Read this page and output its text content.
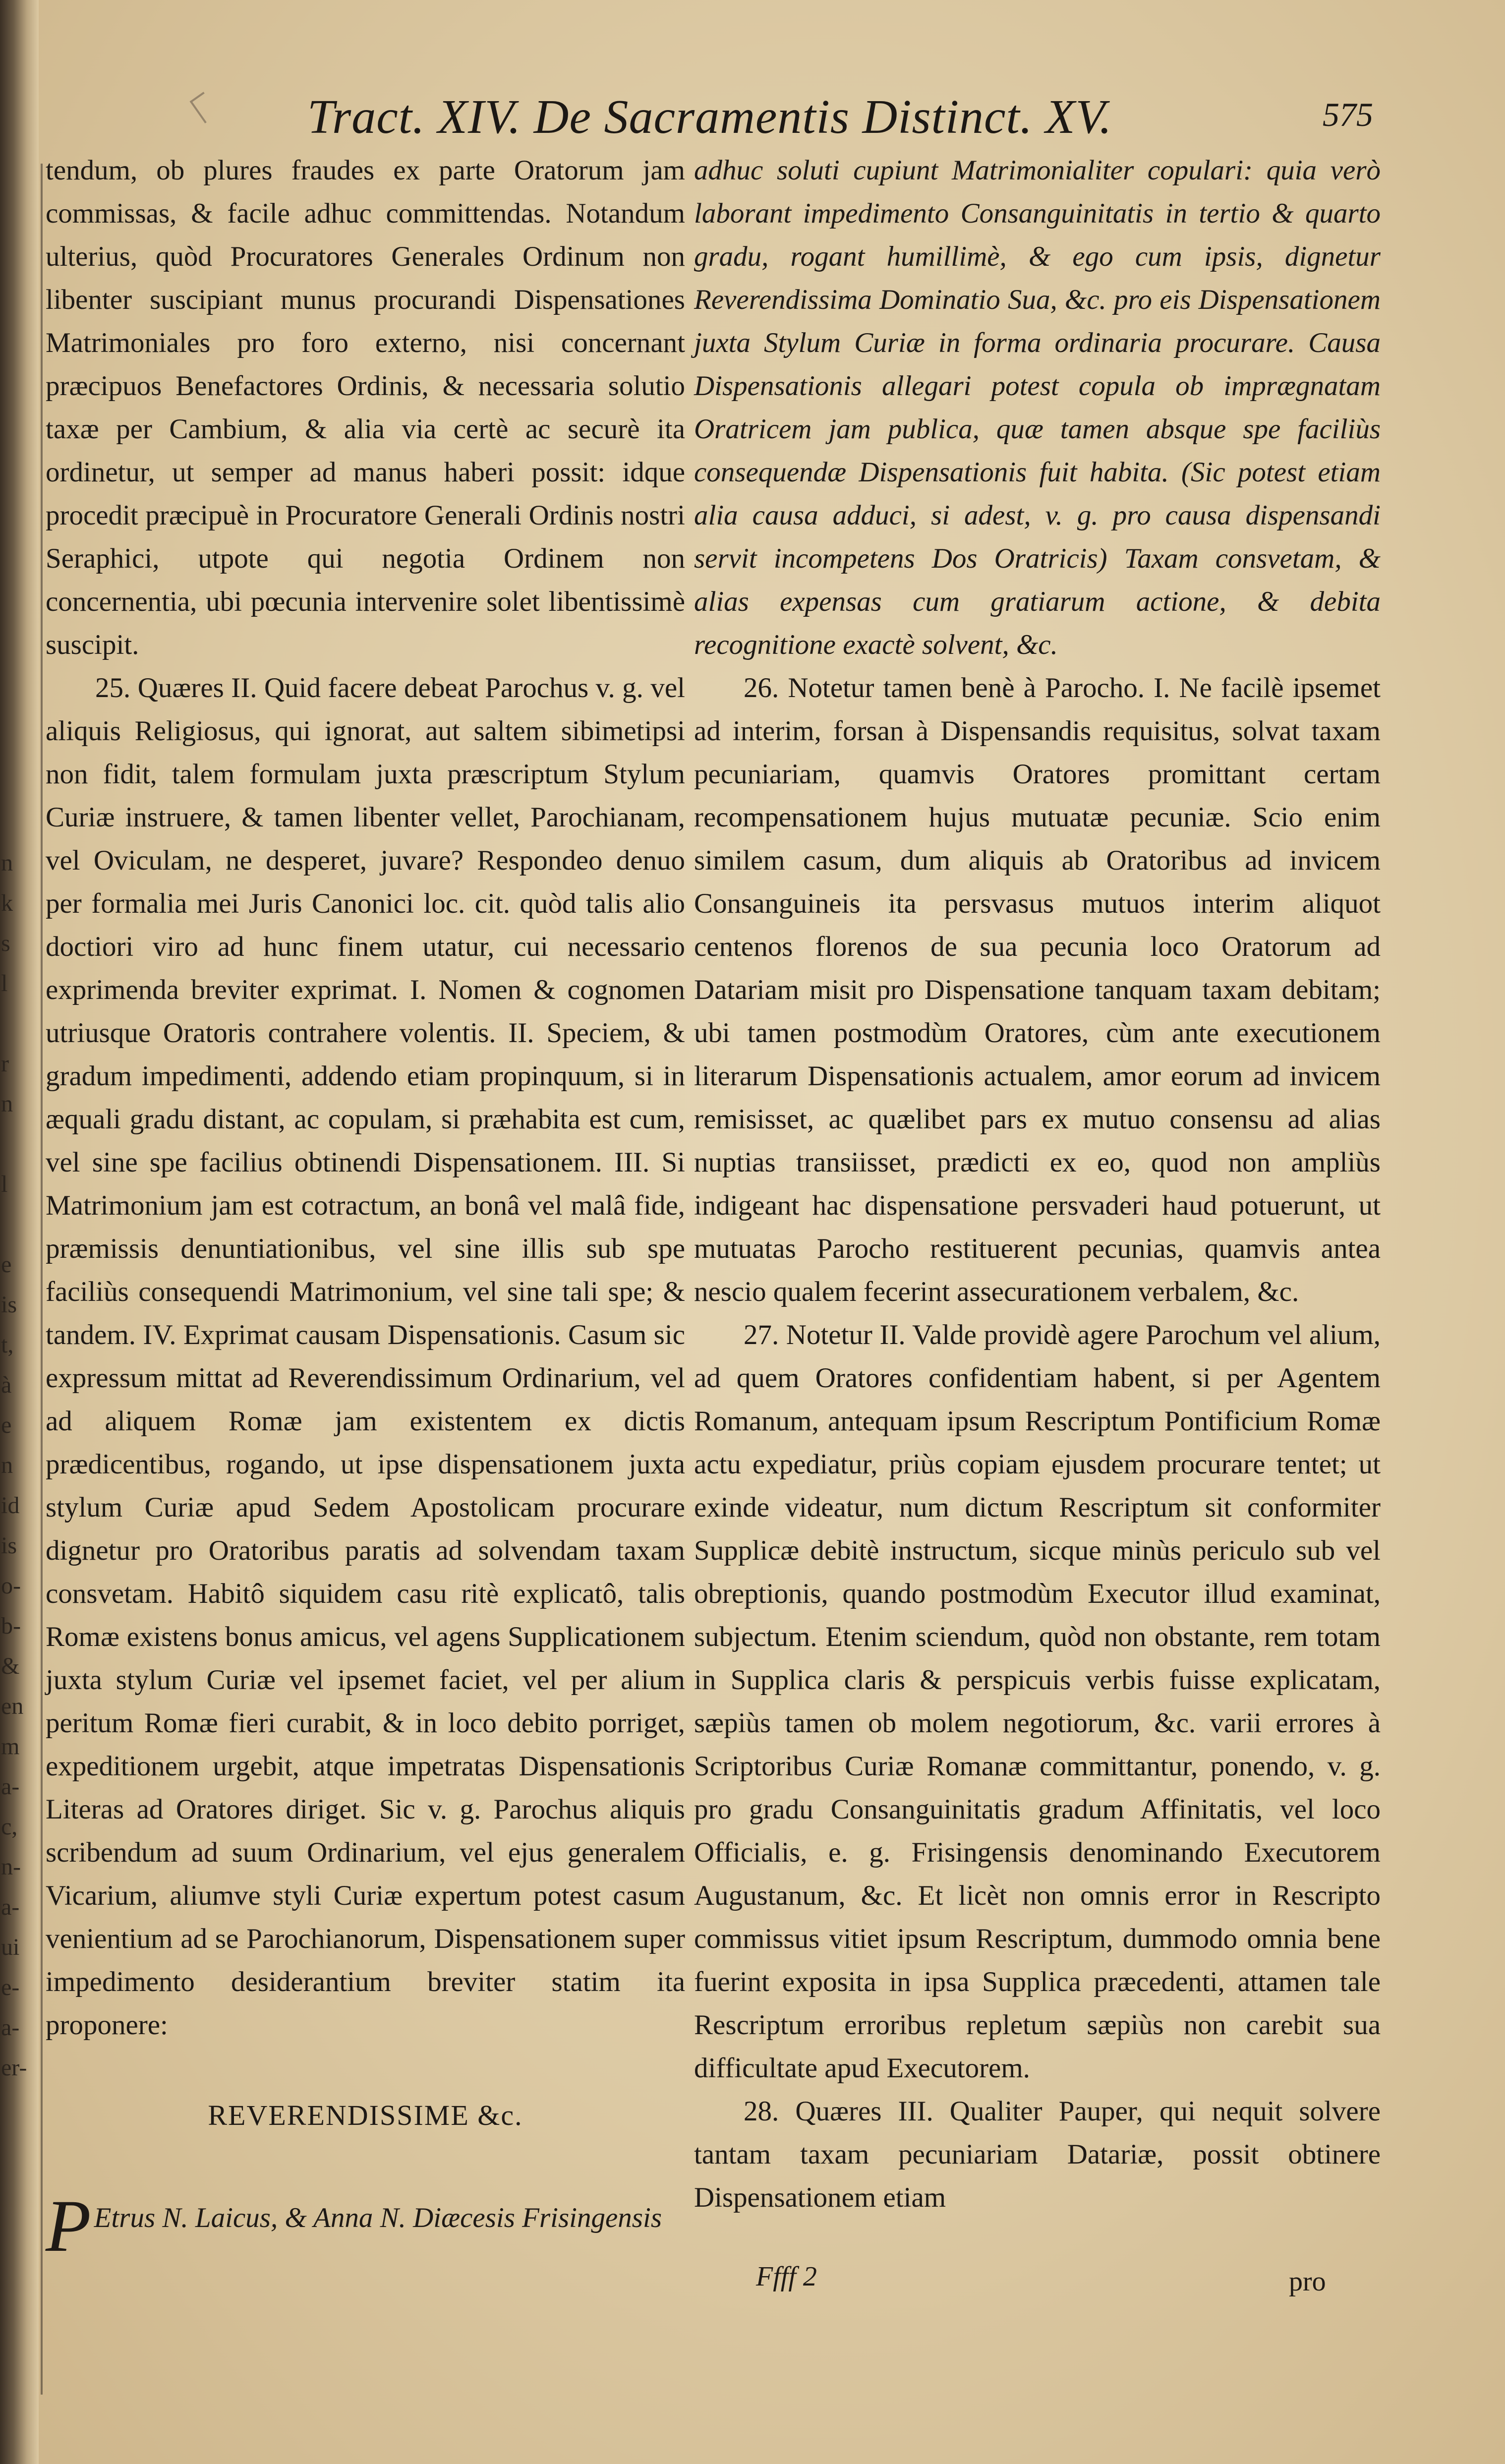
n
k
s
l

r
n

l

e
is
t,
à
e
n
id
is
o-
b-
&
en
m
a-
c,
n-
a-
ui
e-
a-
er-
Tract. XIV. De Sacramentis Distinct. XV.	575

tendum, ob plures fraudes ex parte Oratorum jam commissas, & facile adhuc committendas. Notandum ulterius, quòd Procuratores Generales Ordinum non libenter suscipiant munus procurandi Dispensationes Matrimoniales pro foro externo, nisi concernant præcipuos Benefactores Ordinis, & necessaria solutio taxæ per Cambium, & alia via certè ac securè ita ordinetur, ut semper ad manus haberi possit: idque procedit præcipuè in Procuratore Generali Ordinis nostri Seraphici, utpote qui negotia Ordinem non concernentia, ubi pœcunia intervenire solet libentissimè suscipit.

25. Quæres II. Quid facere debeat Parochus v. g. vel aliquis Religiosus, qui ignorat, aut saltem sibimetipsi non fidit, talem formulam juxta præscriptum Stylum Curiæ instruere, & tamen libenter vellet, Parochianam, vel Oviculam, ne desperet, juvare? Respondeo denuo per formalia mei Juris Canonici loc. cit. quòd talis alio doctiori viro ad hunc finem utatur, cui necessario exprimenda breviter exprimat. I. Nomen & cognomen utriusque Oratoris contrahere volentis. II. Speciem, & gradum impedimenti, addendo etiam propinquum, si in æquali gradu distant, ac copulam, si præhabita est cum, vel sine spe facilius obtinendi Dispensationem. III. Si Matrimonium jam est cotractum, an bonâ vel malâ fide, præmissis denuntiationibus, vel sine illis sub spe faciliùs consequendi Matrimonium, vel sine tali spe; & tandem. IV. Exprimat causam Dispensationis. Casum sic expressum mittat ad Reverendissimum Ordinarium, vel ad aliquem Romæ jam existentem ex dictis prædicentibus, rogando, ut ipse dispensationem juxta stylum Curiæ apud Sedem Apostolicam procurare dignetur pro Oratoribus paratis ad solvendam taxam consvetam. Habitô siquidem casu ritè explicatô, talis Romæ existens bonus amicus, vel agens Supplicationem juxta stylum Curiæ vel ipsemet faciet, vel per alium peritum Romæ fieri curabit, & in loco debito porriget, expeditionem urgebit, atque impetratas Dispensationis Literas ad Oratores diriget. Sic v. g. Parochus aliquis scribendum ad suum Ordinarium, vel ejus generalem Vicarium, aliumve styli Curiæ expertum potest casum venientium ad se Parochianorum, Dispensationem super impedimento desiderantium breviter statim ita proponere:

REVERENDISSIME &c.

P Etrus N. Laicus, & Anna N. Diæcesis Frisingensis

adhuc soluti cupiunt Matrimonialiter copulari: quia verò laborant impedimento Consanguinitatis in tertio & quarto gradu, rogant humillimè, & ego cum ipsis, dignetur Reverendissima Dominatio Sua, &c. pro eis Dispensationem juxta Stylum Curiæ in forma ordinaria procurare. Causa Dispensationis allegari potest copula ob imprægnatam Oratricem jam publica, quæ tamen absque spe faciliùs consequendæ Dispensationis fuit habita. (Sic potest etiam alia causa adduci, si adest, v. g. pro causa dispensandi servit incompetens Dos Oratricis) Taxam consvetam, & alias expensas cum gratiarum actione, & debita recognitione exactè solvent, &c.

26. Notetur tamen benè à Parocho. I. Ne facilè ipsemet ad interim, forsan à Dispensandis requisitus, solvat taxam pecuniariam, quamvis Oratores promittant certam recompensationem hujus mutuatæ pecuniæ. Scio enim similem casum, dum aliquis ab Oratoribus ad invicem Consanguineis ita persvasus mutuos interim aliquot centenos florenos de sua pecunia loco Oratorum ad Datariam misit pro Dispensatione tanquam taxam debitam; ubi tamen postmodùm Oratores, cùm ante executionem literarum Dispensationis actualem, amor eorum ad invicem remisisset, ac quælibet pars ex mutuo consensu ad alias nuptias transiisset, prædicti ex eo, quod non ampliùs indigeant hac dispensatione persvaderi haud potuerunt, ut mutuatas Parocho restituerent pecunias, quamvis antea nescio qualem fecerint assecurationem verbalem, &c.

27. Notetur II. Valde providè agere Parochum vel alium, ad quem Oratores confidentiam habent, si per Agentem Romanum, antequam ipsum Rescriptum Pontificium Romæ actu expediatur, priùs copiam ejusdem procurare tentet; ut exinde videatur, num dictum Rescriptum sit conformiter Supplicæ debitè instructum, sicque minùs periculo sub vel obreptionis, quando postmodùm Executor illud examinat, subjectum. Etenim sciendum, quòd non obstante, rem totam in Supplica claris & perspicuis verbis fuisse explicatam, sæpiùs tamen ob molem negotiorum, &c. varii errores à Scriptoribus Curiæ Romanæ committantur, ponendo, v. g. pro gradu Consanguinitatis gradum Affinitatis, vel loco Officialis, e. g. Frisingensis denominando Executorem Augustanum, &c. Et licèt non omnis error in Rescripto commissus vitiet ipsum Rescriptum, dummodo omnia bene fuerint exposita in ipsa Supplica præcedenti, attamen tale Rescriptum erroribus repletum sæpiùs non carebit sua difficultate apud Executorem.

28. Quæres III. Qualiter Pauper, qui nequit solvere tantam taxam pecuniariam Datariæ, possit obtinere Dispensationem etiam

Ffff 2	pro
